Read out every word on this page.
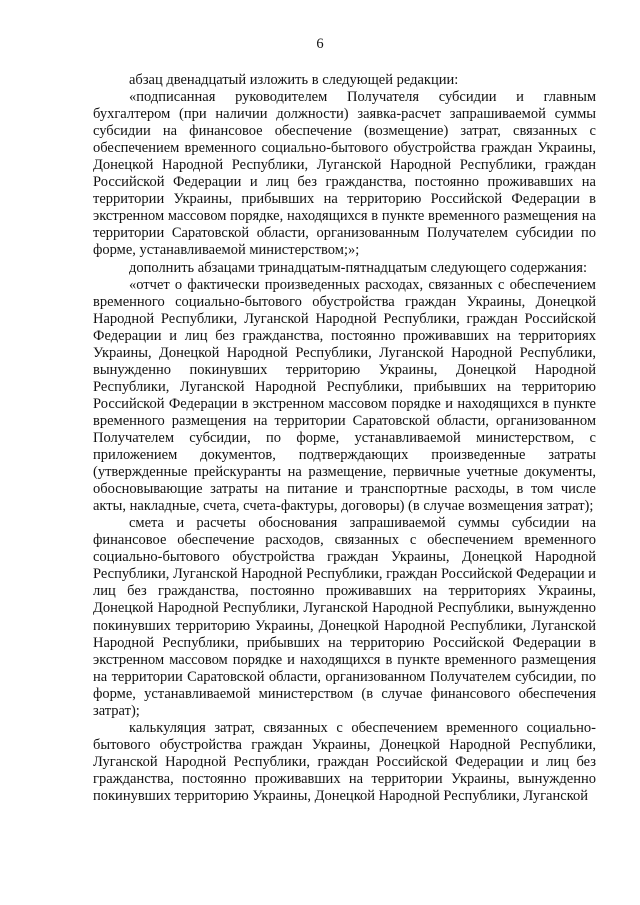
6

абзац двенадцатый изложить в следующей редакции:

«подписанная руководителем Получателя субсидии и главным бухгалтером (при наличии должности) заявка-расчет запрашиваемой суммы субсидии на финансовое обеспечение (возмещение) затрат, связанных с обеспечением временного социально-бытового обустройства граждан Украины, Донецкой Народной Республики, Луганской Народной Республики, граждан Российской Федерации и лиц без гражданства, постоянно проживавших на территории Украины, прибывших на территорию Российской Федерации в экстренном массовом порядке, находящихся в пункте временного размещения на территории Саратовской области, организованным Получателем субсидии по форме, устанавливаемой министерством;»;

дополнить абзацами тринадцатым-пятнадцатым следующего содержания:

«отчет о фактически произведенных расходах, связанных с обеспечением временного социально-бытового обустройства граждан Украины, Донецкой Народной Республики, Луганской Народной Республики, граждан Российской Федерации и лиц без гражданства, постоянно проживавших на территориях Украины, Донецкой Народной Республики, Луганской Народной Республики, вынужденно покинувших территорию Украины, Донецкой Народной Республики, Луганской Народной Республики, прибывших на территорию Российской Федерации в экстренном массовом порядке и находящихся в пункте временного размещения на территории Саратовской области, организованном Получателем субсидии, по форме, устанавливаемой министерством, с приложением документов, подтверждающих произведенные затраты (утвержденные прейскуранты на размещение, первичные учетные документы, обосновывающие затраты на питание и транспортные расходы, в том числе акты, накладные, счета, счета-фактуры, договоры) (в случае возмещения затрат);

смета и расчеты обоснования запрашиваемой суммы субсидии на финансовое обеспечение расходов, связанных с обеспечением временного социально-бытового обустройства граждан Украины, Донецкой Народной Республики, Луганской Народной Республики, граждан Российской Федерации и лиц без гражданства, постоянно проживавших на территориях Украины, Донецкой Народной Республики, Луганской Народной Республики, вынужденно покинувших территорию Украины, Донецкой Народной Республики, Луганской Народной Республики, прибывших на территорию Российской Федерации в экстренном массовом порядке и находящихся в пункте временного размещения на территории Саратовской области, организованном Получателем субсидии, по форме, устанавливаемой министерством (в случае финансового обеспечения затрат);

калькуляция затрат, связанных с обеспечением временного социально-бытового обустройства граждан Украины, Донецкой Народной Республики, Луганской Народной Республики, граждан Российской Федерации и лиц без гражданства, постоянно проживавших на территории Украины, вынужденно покинувших территорию Украины, Донецкой Народной Республики, Луганской
